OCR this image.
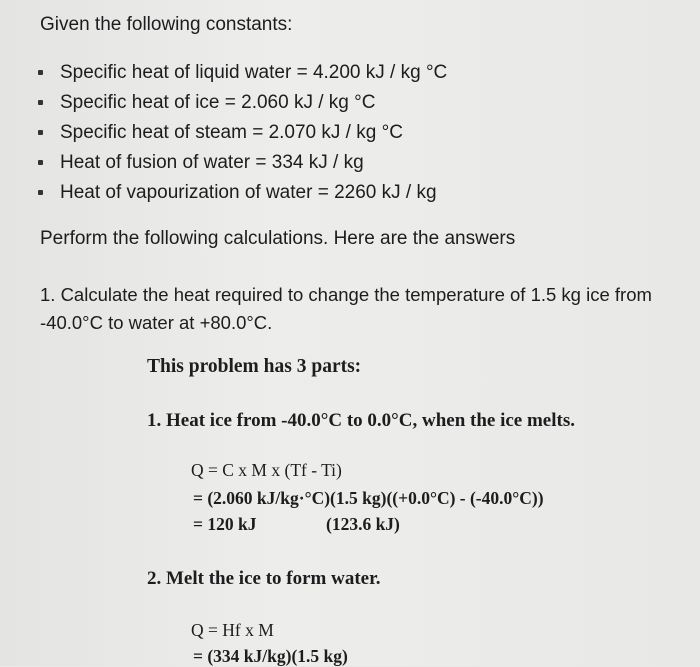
Given the following constants:
Specific heat of liquid water = 4.200 kJ / kg °C
Specific heat of ice = 2.060 kJ / kg °C
Specific heat of steam = 2.070 kJ / kg °C
Heat of fusion of water = 334 kJ / kg
Heat of vapourization of water = 2260 kJ / kg
Perform the following calculations. Here are the answers
1. Calculate the heat required to change the temperature of 1.5 kg ice from
-40.0°C to water at +80.0°C.
This problem has 3 parts:
1. Heat ice from -40.0°C to 0.0°C, when the ice melts.
Q = C x M x (Tf - Ti)
= (2.060 kJ/kg·°C)(1.5 kg)((+0.0°C) - (-40.0°C))
= 120 kJ	(123.6 kJ)
2. Melt the ice to form water.
Q = Hf x M
= (334 kJ/kg)(1.5 kg)
